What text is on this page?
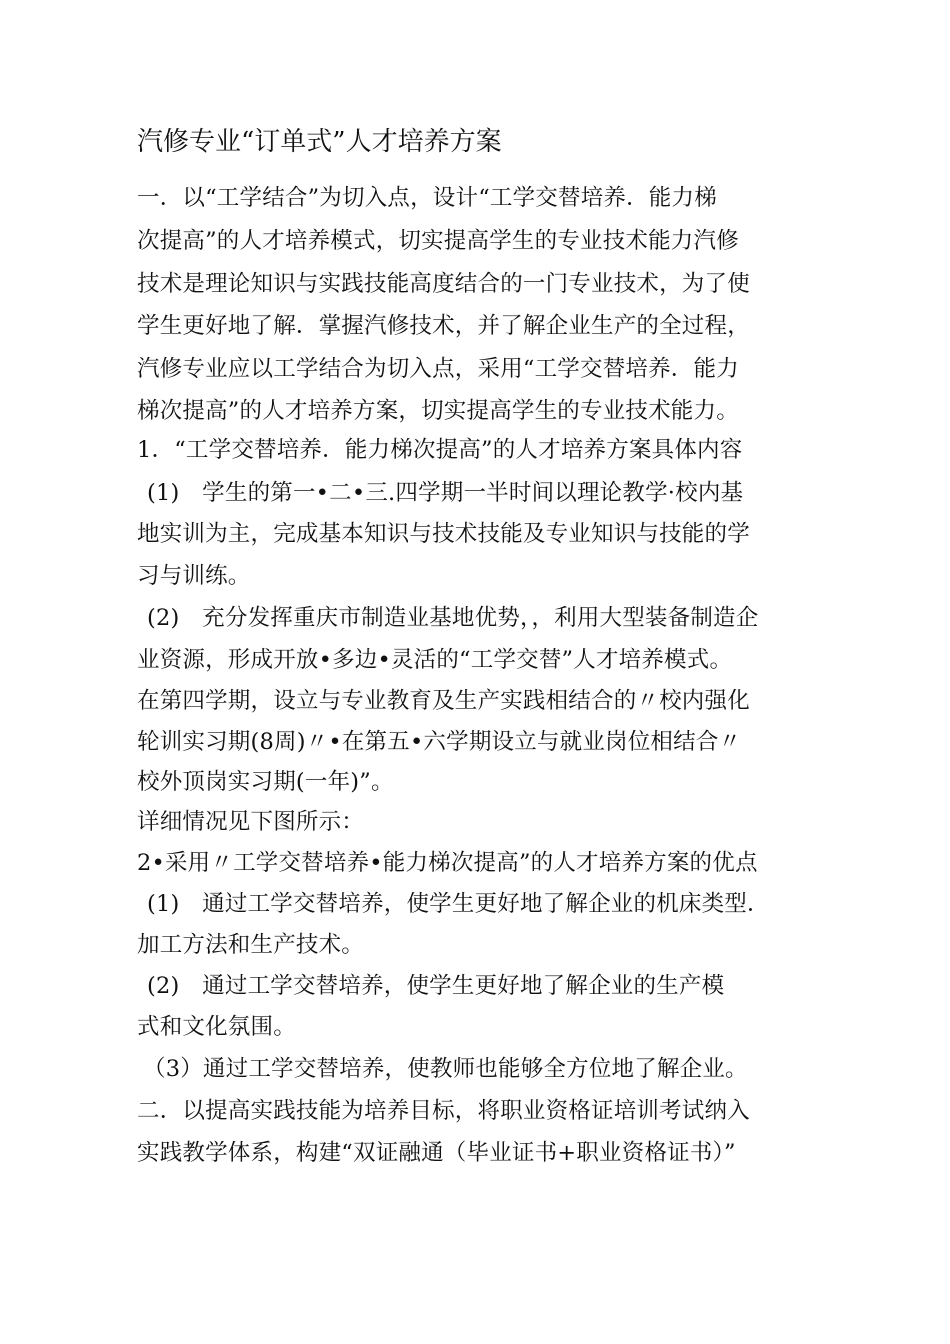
汽修专业“订单式”人才培养方案
一．以“工学结合”为切入点，设计“工学交替培养．能力梯
次提高”的人才培养模式，切实提高学生的专业技术能力汽修
技术是理论知识与实践技能高度结合的一门专业技术，为了使
学生更好地了解．掌握汽修技术，并了解企业生产的全过程，
汽修专业应以工学结合为切入点，采用“工学交替培养．能力
梯次提高”的人才培养方案，切实提高学生的专业技术能力。
1．“工学交替培养．能力梯次提高”的人才培养方案具体内容
(1)　学生的第一•二•三.四学期一半时间以理论教学·校内基
地实训为主，完成基本知识与技术技能及专业知识与技能的学
习与训练。
(2)　充分发挥重庆市制造业基地优势，，利用大型装备制造企
业资源，形成开放•多边•灵活的“工学交替”人才培养模式。
在第四学期，设立与专业教育及生产实践相结合的〃校内强化
轮训实习期(8周)〃•在第五•六学期设立与就业岗位相结合〃
校外顶岗实习期(一年)”。
详细情况见下图所示：
2•采用〃工学交替培养•能力梯次提高”的人才培养方案的优点
(1)　通过工学交替培养，使学生更好地了解企业的机床类型．
加工方法和生产技术。
(2)　通过工学交替培养，使学生更好地了解企业的生产模
式和文化氛围。
（3）通过工学交替培养，使教师也能够全方位地了解企业。
二．以提高实践技能为培养目标，将职业资格证培训考试纳入
实践教学体系，构建“双证融通（毕业证书+职业资格证书）”
